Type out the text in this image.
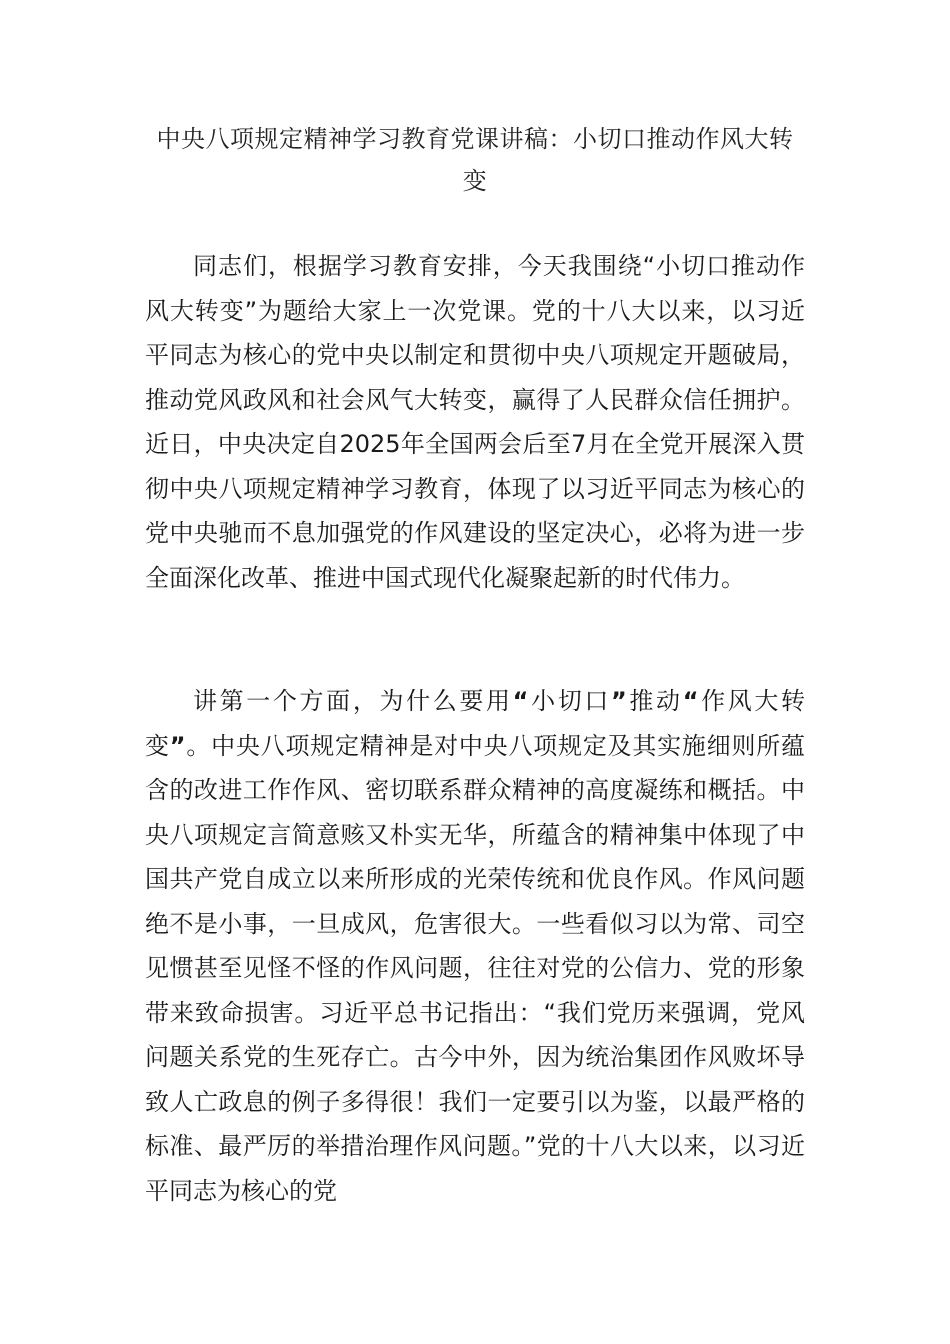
中央八项规定精神学习教育党课讲稿：小切口推动作风大转变

同志们，根据学习教育安排，今天我围绕“小切口推动作风大转变”为题给大家上一次党课。党的十八大以来，以习近平同志为核心的党中央以制定和贯彻中央八项规定开题破局，推动党风政风和社会风气大转变，赢得了人民群众信任拥护。近日，中央决定自2025年全国两会后至7月在全党开展深入贯彻中央八项规定精神学习教育，体现了以习近平同志为核心的党中央驰而不息加强党的作风建设的坚定决心，必将为进一步全面深化改革、推进中国式现代化凝聚起新的时代伟力。

讲第一个方面，为什么要用“小切口”推动“作风大转变”。中央八项规定精神是对中央八项规定及其实施细则所蕴含的改进工作作风、密切联系群众精神的高度凝练和概括。中央八项规定言简意赅又朴实无华，所蕴含的精神集中体现了中国共产党自成立以来所形成的光荣传统和优良作风。作风问题绝不是小事，一旦成风，危害很大。一些看似习以为常、司空见惯甚至见怪不怪的作风问题，往往对党的公信力、党的形象带来致命损害。习近平总书记指出：“我们党历来强调，党风问题关系党的生死存亡。古今中外，因为统治集团作风败坏导致人亡政息的例子多得很！我们一定要引以为鉴，以最严格的标准、最严厉的举措治理作风问题。”党的十八大以来，以习近平同志为核心的党
